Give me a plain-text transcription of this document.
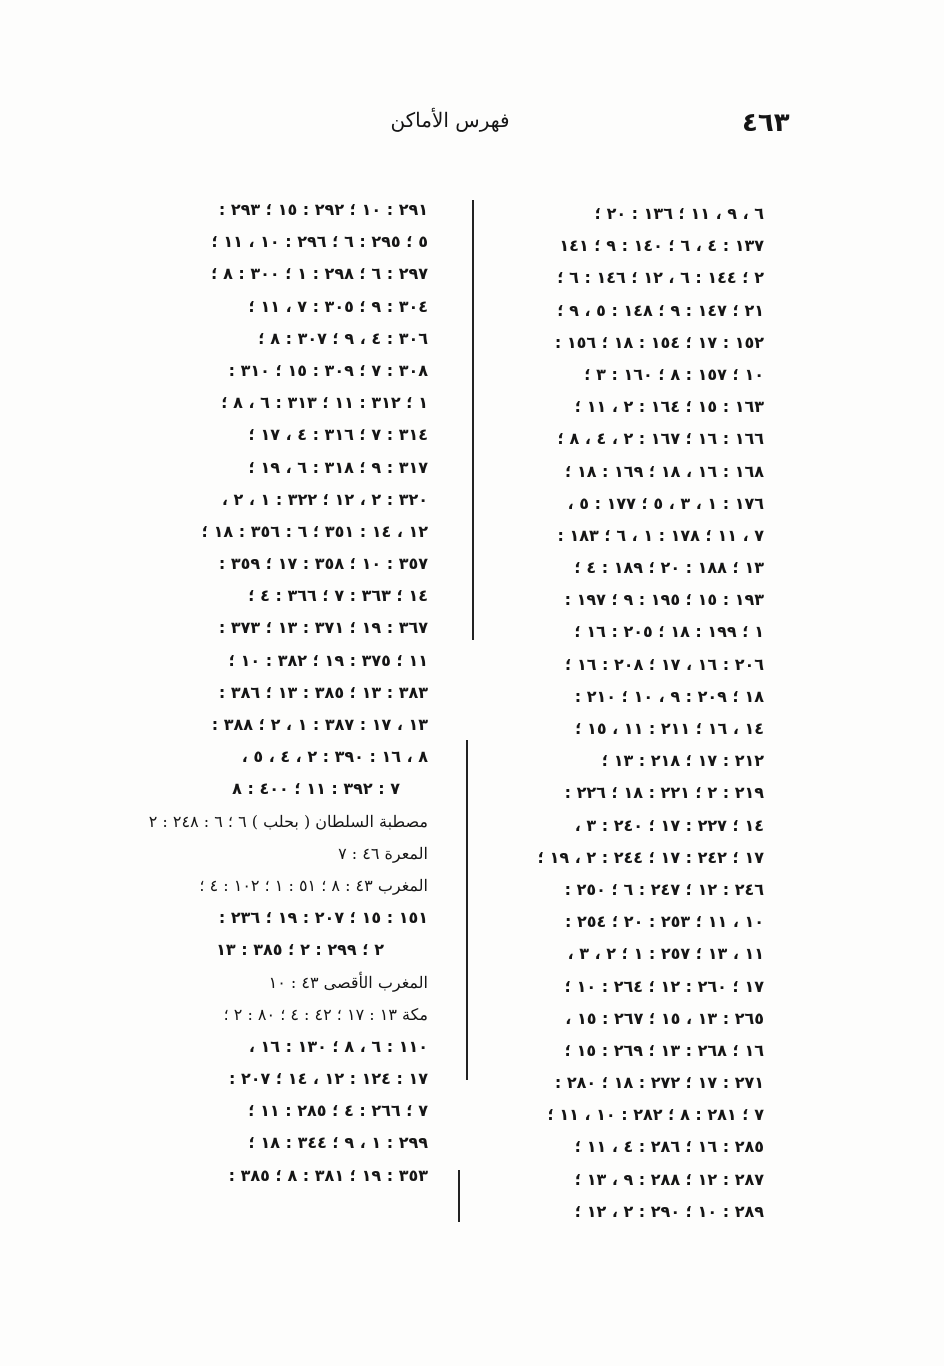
٤٦٣
فهرس الأماكن
٦ ، ٩ ، ١١ ؛ ١٣٦ : ٢٠ ؛
١٣٧ : ٤ ، ٦ ؛ ١٤٠ : ٩ ؛ ١٤١
٢ ؛ ١٤٤ : ٦ ، ١٢ ؛ ١٤٦ : ٦ ؛
٢١ ؛ ١٤٧ : ٩ ؛ ١٤٨ : ٥ ، ٩ ؛
١٥٢ : ١٧ ؛ ١٥٤ : ١٨ ؛ ١٥٦ :
١٠ ؛ ١٥٧ : ٨ ؛ ١٦٠ : ٣ ؛
١٦٣ : ١٥ ؛ ١٦٤ : ٢ ، ١١ ؛
١٦٦ : ١٦ ؛ ١٦٧ : ٢ ، ٤ ، ٨ ؛
١٦٨ : ١٦ ، ١٨ ؛ ١٦٩ : ١٨ ؛
١٧٦ : ١ ، ٣ ، ٥ ؛ ١٧٧ : ٥ ،
٧ ، ١١ ؛ ١٧٨ : ١ ، ٦ ؛ ١٨٣ :
١٣ ؛ ١٨٨ : ٢٠ ؛ ١٨٩ : ٤ ؛
١٩٣ : ١٥ ؛ ١٩٥ : ٩ ؛ ١٩٧ :
١ ؛ ١٩٩ : ١٨ ؛ ٢٠٥ : ١٦ ؛
٢٠٦ : ١٦ ، ١٧ ؛ ٢٠٨ : ١٦ ؛
١٨ ؛ ٢٠٩ : ٩ ، ١٠ ؛ ٢١٠ :
١٤ ، ١٦ ؛ ٢١١ : ١١ ، ١٥ ؛
٢١٢ : ١٧ ؛ ٢١٨ : ١٣ ؛
٢١٩ : ٢ ؛ ٢٢١ : ١٨ ؛ ٢٢٦ :
١٤ ؛ ٢٢٧ : ١٧ ؛ ٢٤٠ : ٣ ،
١٧ ؛ ٢٤٢ : ١٧ ؛ ٢٤٤ : ٢ ، ١٩ ؛
٢٤٦ : ١٢ ؛ ٢٤٧ : ٦ ؛ ٢٥٠ :
١٠ ، ١١ ؛ ٢٥٣ : ٢٠ ؛ ٢٥٤ :
١١ ، ١٣ ؛ ٢٥٧ : ١ ؛ ٢ ، ٣ ،
١٧ ؛ ٢٦٠ : ١٢ ؛ ٢٦٤ : ١٠ ؛
٢٦٥ : ١٣ ، ١٥ ؛ ٢٦٧ : ١٥ ،
١٦ ؛ ٢٦٨ : ١٣ ؛ ٢٦٩ : ١٥ ؛
٢٧١ : ١٧ ؛ ٢٧٢ : ١٨ ؛ ٢٨٠ :
٧ ؛ ٢٨١ : ٨ ؛ ٢٨٢ : ١٠ ، ١١ ؛
٢٨٥ : ١٦ ؛ ٢٨٦ : ٤ ، ١١ ؛
٢٨٧ : ١٢ ؛ ٢٨٨ : ٩ ، ١٣ ؛
٢٨٩ : ١٠ ؛ ٢٩٠ : ٢ ، ١٢ ؛
٢٩١ : ١٠ ؛ ٢٩٢ : ١٥ ؛ ٢٩٣ :
٥ ؛ ٢٩٥ : ٦ ؛ ٢٩٦ : ١٠ ، ١١ ؛
٢٩٧ : ٦ ؛ ٢٩٨ : ١ ؛ ٣٠٠ : ٨ ؛
٣٠٤ : ٩ ؛ ٣٠٥ : ٧ ، ١١ ؛
٣٠٦ : ٤ ، ٩ ؛ ٣٠٧ : ٨ ؛
٣٠٨ : ٧ ؛ ٣٠٩ : ١٥ ؛ ٣١٠ :
١ ؛ ٣١٢ : ١١ ؛ ٣١٣ : ٦ ، ٨ ؛
٣١٤ : ٧ ؛ ٣١٦ : ٤ ، ١٧ ؛
٣١٧ : ٩ ؛ ٣١٨ : ٦ ، ١٩ ؛
٣٢٠ : ٢ ، ١٢ ؛ ٣٢٢ : ١ ، ٢ ،
١٢ ، ١٤ : ٣٥١ ؛ ٦ : ٣٥٦ : ١٨ ؛
٣٥٧ : ١٠ ؛ ٣٥٨ : ١٧ ؛ ٣٥٩ :
١٤ ؛ ٣٦٣ : ٧ ؛ ٣٦٦ : ٤ ؛
٣٦٧ : ١٩ ؛ ٣٧١ : ١٣ ؛ ٣٧٣ :
١١ ؛ ٣٧٥ : ١٩ ؛ ٣٨٢ : ١٠ ؛
٣٨٣ : ١٣ ؛ ٣٨٥ : ١٣ ؛ ٣٨٦ :
١٣ ، ١٧ : ٣٨٧ : ١ ، ٢ ؛ ٣٨٨ :
٨ ، ١٦ : ٣٩٠ : ٢ ، ٤ ، ٥ ،
٧ : ٣٩٢ : ١١ ؛ ٤٠٠ : ٨
مصطبة السلطان ( بحلب ) ٦ ؛ ٦ : ٢٤٨ : ٢
المعرة ٤٦ : ٧
المغرب ٤٣ : ٨ ؛ ٥١ : ١ ؛ ١٠٢ : ٤ ؛
١٥١ : ١٥ ؛ ٢٠٧ : ١٩ ؛ ٢٣٦ :
٢ ؛ ٢٩٩ : ٢ ؛ ٣٨٥ : ١٣
المغرب الأقصى ٤٣ : ١٠
مكة ١٣ : ١٧ ؛ ٤٢ : ٤ ؛ ٨٠ : ٢ ؛
١١٠ : ٦ ، ٨ ؛ ١٣٠ : ١٦ ،
١٧ : ١٢٤ : ١٢ ، ١٤ ؛ ٢٠٧ :
٧ ؛ ٢٦٦ : ٤ ؛ ٢٨٥ : ١١ ؛
٢٩٩ : ١ ، ٩ ؛ ٣٤٤ : ١٨ ؛
٣٥٣ : ١٩ ؛ ٣٨١ : ٨ ؛ ٣٨٥ :
